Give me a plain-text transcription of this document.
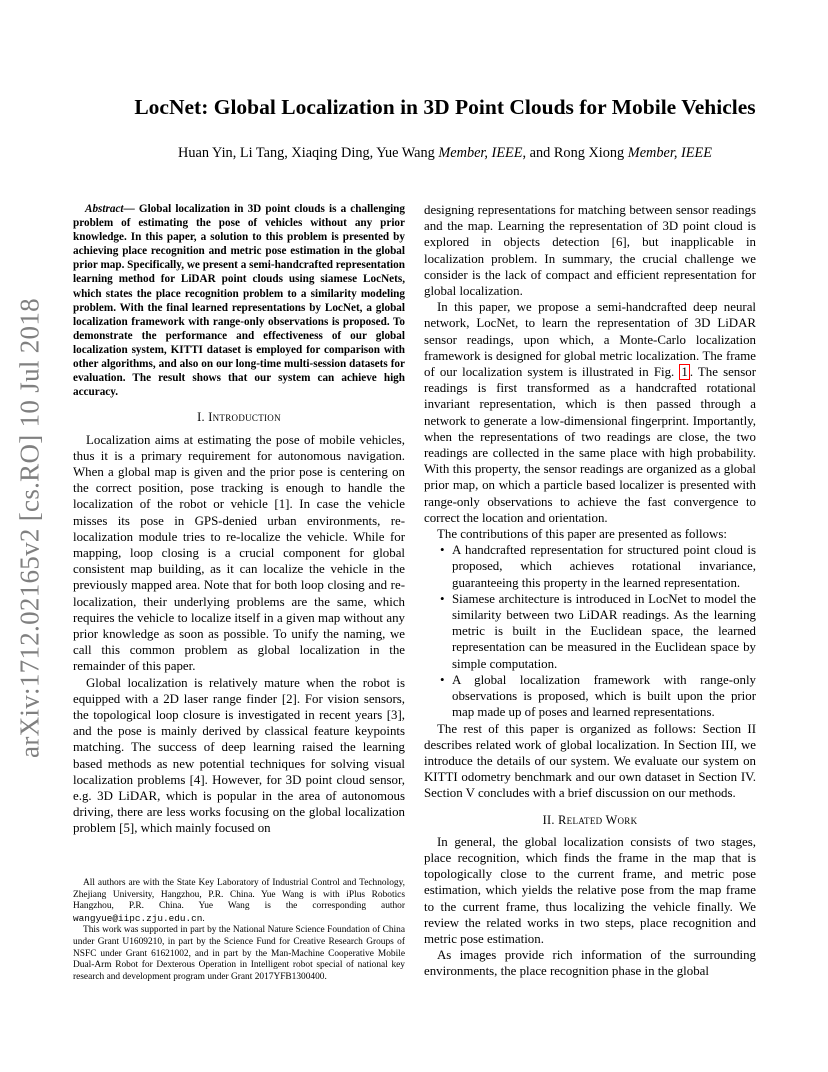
arXiv:1712.02165v2 [cs.RO] 10 Jul 2018
LocNet: Global Localization in 3D Point Clouds for Mobile Vehicles
Huan Yin, Li Tang, Xiaqing Ding, Yue Wang Member, IEEE, and Rong Xiong Member, IEEE

Abstract— Global localization in 3D point clouds is a challenging problem of estimating the pose of vehicles without any prior knowledge. In this paper, a solution to this problem is presented by achieving place recognition and metric pose estimation in the global prior map. Specifically, we present a semi-handcrafted representation learning method for LiDAR point clouds using siamese LocNets, which states the place recognition problem to a similarity modeling problem. With the final learned representations by LocNet, a global localization framework with range-only observations is proposed. To demonstrate the performance and effectiveness of our global localization system, KITTI dataset is employed for comparison with other algorithms, and also on our long-time multi-session datasets for evaluation. The result shows that our system can achieve high accuracy.

I. Introduction

Localization aims at estimating the pose of mobile vehicles, thus it is a primary requirement for autonomous navigation. When a global map is given and the prior pose is centering on the correct position, pose tracking is enough to handle the localization of the robot or vehicle [1]. In case the vehicle misses its pose in GPS-denied urban environments, re-localization module tries to re-localize the vehicle. While for mapping, loop closing is a crucial component for global consistent map building, as it can localize the vehicle in the previously mapped area. Note that for both loop closing and re-localization, their underlying problems are the same, which requires the vehicle to localize itself in a given map without any prior knowledge as soon as possible. To unify the naming, we call this common problem as global localization in the remainder of this paper.

Global localization is relatively mature when the robot is equipped with a 2D laser range finder [2]. For vision sensors, the topological loop closure is investigated in recent years [3], and the pose is mainly derived by classical feature keypoints matching. The success of deep learning raised the learning based methods as new potential techniques for solving visual localization problems [4]. However, for 3D point cloud sensor, e.g. 3D LiDAR, which is popular in the area of autonomous driving, there are less works focusing on the global localization problem [5], which mainly focused on

All authors are with the State Key Laboratory of Industrial Control and Technology, Zhejiang University, Hangzhou, P.R. China. Yue Wang is with iPlus Robotics Hangzhou, P.R. China. Yue Wang is the corresponding author wangyue@iipc.zju.edu.cn.

This work was supported in part by the National Nature Science Foundation of China under Grant U1609210, in part by the Science Fund for Creative Research Groups of NSFC under Grant 61621002, and in part by the Man-Machine Cooperative Mobile Dual-Arm Robot for Dexterous Operation in Intelligent robot special of national key research and development program under Grant 2017YFB1300400.

designing representations for matching between sensor readings and the map. Learning the representation of 3D point cloud is explored in objects detection [6], but inapplicable in localization problem. In summary, the crucial challenge we consider is the lack of compact and efficient representation for global localization.

In this paper, we propose a semi-handcrafted deep neural network, LocNet, to learn the representation of 3D LiDAR sensor readings, upon which, a Monte-Carlo localization framework is designed for global metric localization. The frame of our localization system is illustrated in Fig. 1 . The sensor readings is first transformed as a handcrafted rotational invariant representation, which is then passed through a network to generate a low-dimensional fingerprint. Importantly, when the representations of two readings are close, the two readings are collected in the same place with high probability. With this property, the sensor readings are organized as a global prior map, on which a particle based localizer is presented with range-only observations to achieve the fast convergence to correct the location and orientation.

The contributions of this paper are presented as follows:

• A handcrafted representation for structured point cloud is proposed, which achieves rotational invariance, guaranteeing this property in the learned representation.
• Siamese architecture is introduced in LocNet to model the similarity between two LiDAR readings. As the learning metric is built in the Euclidean space, the learned representation can be measured in the Euclidean space by simple computation.
• A global localization framework with range-only observations is proposed, which is built upon the prior map made up of poses and learned representations.

The rest of this paper is organized as follows: Section II describes related work of global localization. In Section III, we introduce the details of our system. We evaluate our system on KITTI odometry benchmark and our own dataset in Section IV. Section V concludes with a brief discussion on our methods.

II. Related Work

In general, the global localization consists of two stages, place recognition, which finds the frame in the map that is topologically close to the current frame, and metric pose estimation, which yields the relative pose from the map frame to the current frame, thus localizing the vehicle finally. We review the related works in two steps, place recognition and metric pose estimation.

As images provide rich information of the surrounding environments, the place recognition phase in the global
